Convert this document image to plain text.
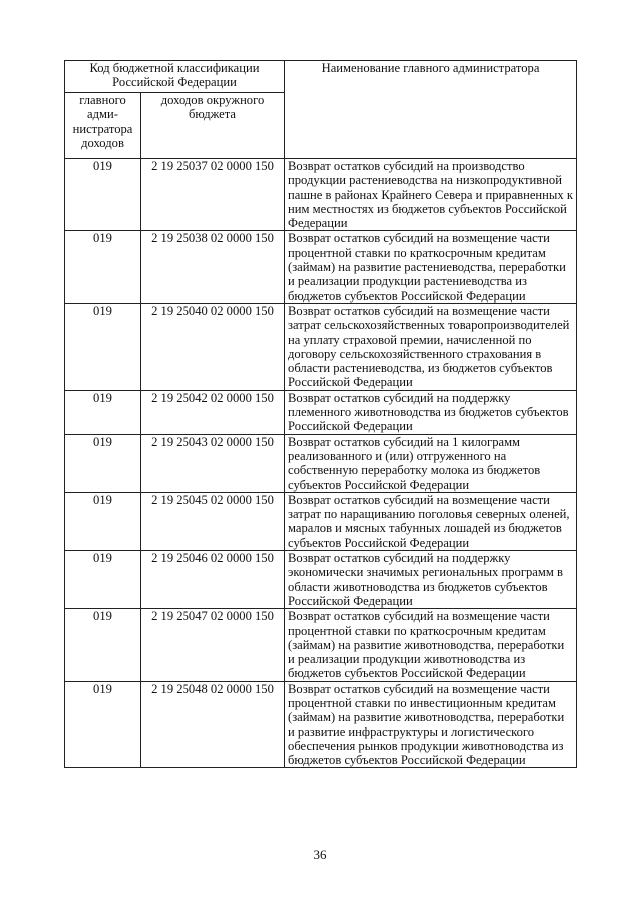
Код бюджетной классификации Российской Федерации		Наименование главного администратора
главного адми-нистратора доходов	доходов окружного бюджета	
019	2 19 25037 02 0000 150	Возврат остатков субсидий на производство продукции растениеводства на низкопродуктивной пашне в районах Крайнего Севера и приравненных к ним местностях из бюджетов субъектов Российской Федерации
019	2 19 25038 02 0000 150	Возврат остатков субсидий на возмещение части процентной ставки по краткосрочным кредитам (займам) на развитие растениеводства, переработки и реализации продукции растениеводства из бюджетов субъектов Российской Федерации
019	2 19 25040 02 0000 150	Возврат остатков субсидий на возмещение части затрат сельскохозяйственных товаропроизводителей на уплату страховой премии, начисленной по договору сельскохозяйственного страхования в области растениеводства, из бюджетов субъектов Российской Федерации
019	2 19 25042 02 0000 150	Возврат остатков субсидий на поддержку племенного животноводства из бюджетов субъектов Российской Федерации
019	2 19 25043 02 0000 150	Возврат остатков субсидий на 1 килограмм реализованного и (или) отгруженного на собственную переработку молока из бюджетов субъектов Российской Федерации
019	2 19 25045 02 0000 150	Возврат остатков субсидий на возмещение части затрат по наращиванию поголовья северных оленей, маралов и мясных табунных лошадей из бюджетов субъектов Российской Федерации
019	2 19 25046 02 0000 150	Возврат остатков субсидий на поддержку экономически значимых региональных программ в области животноводства из бюджетов субъектов Российской Федерации
019	2 19 25047 02 0000 150	Возврат остатков субсидий на возмещение части процентной ставки по краткосрочным кредитам (займам) на развитие животноводства, переработки и реализации продукции животноводства из бюджетов субъектов Российской Федерации
019	2 19 25048 02 0000 150	Возврат остатков субсидий на возмещение части процентной ставки по инвестиционным кредитам (займам) на развитие животноводства, переработки и развитие инфраструктуры и логистического обеспечения рынков продукции животноводства из бюджетов субъектов Российской Федерации
36
